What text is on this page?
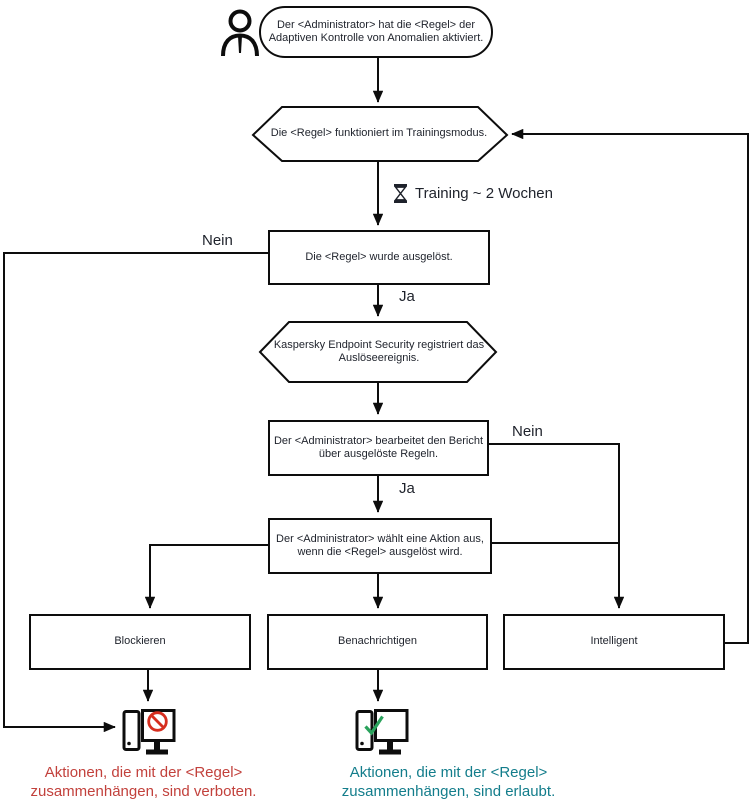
Der <Administrator> hat die <Regel> der
Adaptiven Kontrolle von Anomalien aktiviert.
Die <Regel> funktioniert im Trainingsmodus.
Kaspersky Endpoint Security registriert das
Auslöseereignis.
Die <Regel> wurde ausgelöst.
Der <Administrator> bearbeitet den Bericht
über ausgelöste Regeln.
Der <Administrator> wählt eine Aktion aus,
wenn die <Regel> ausgelöst wird.
Blockieren	Benachrichtigen	Intelligent
Nein
Ja
Nein
Ja
Training ~ 2 Wochen
Aktionen, die mit der <Regel>
zusammenhängen, sind verboten.
Aktionen, die mit der <Regel>
zusammenhängen, sind erlaubt.
